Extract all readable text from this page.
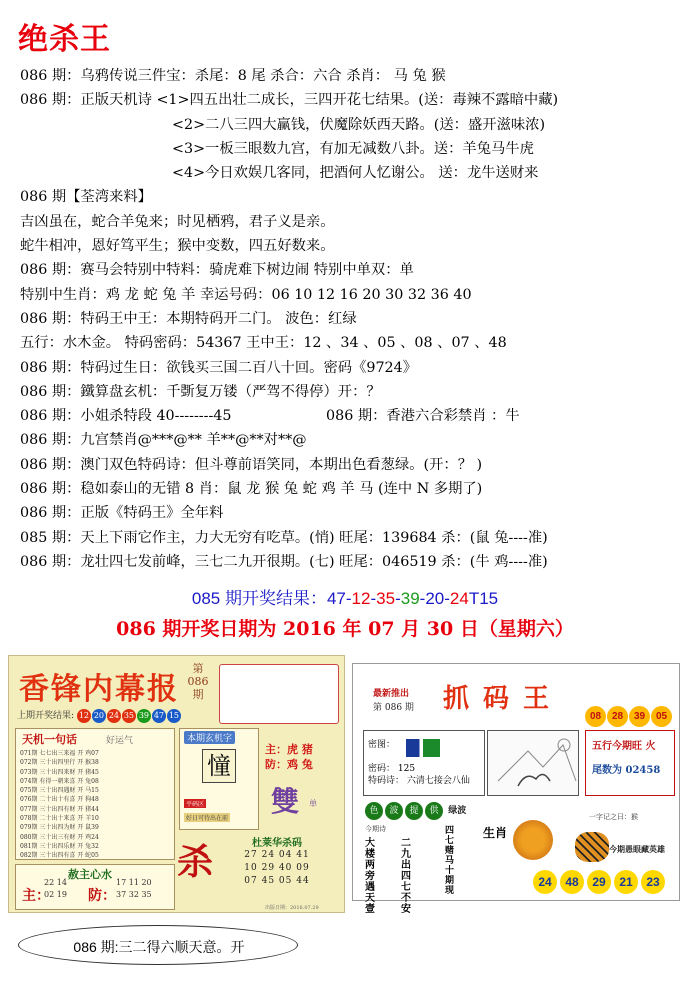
绝杀王
086 期：乌鸦传说三件宝：杀尾：8 尾 杀合：六合 杀肖： 马 兔 猴
086 期：正版天机诗 <1>四五出壮二成长，三四开花七结果。(送：毒辣不露暗中藏)
<2>二八三四大赢钱，伏魔除妖西天路。(送：盛开滋味浓)
<3>一板三眼数九宫，有加无减数八卦。送：羊兔马牛虎
<4>今日欢娱几客同，把酒何人忆谢公。 送：龙牛送财来
086 期【荃湾来料】
吉凶虽在，蛇合羊兔来；时见栖鸦，君子义是亲。
蛇牛相冲，恩好笃平生；猴中变数，四五好数来。
086 期：赛马会特别中特料：骑虎难下树边闹 特别中单双：单
特别中生肖：鸡 龙 蛇 兔 羊 幸运号码：06 10 12 16 20 30 32 36 40
086 期：特码王中王：本期特码开二门。 波色：红绿
五行：水木金。 特码密码：54367 王中王：12 、34 、05 、08 、07 、48
086 期：特码过生日：欲钱买三国二百八十回。密码《9724》
086 期：鐵算盘玄机：千斲复万镂（严驾不得停）开：？
086 期：小姐杀特段 40--------45	086 期：香港六合彩禁肖 ：牛
086 期：九宫禁肖@***@** 羊**@**对**@
086 期：澳门双色特码诗：但斗尊前语笑同，本期出色看葱绿。(开：？ )
086 期：稳如泰山的无错 8 肖：鼠 龙 猴 兔 蛇 鸡 羊 马 (连中 N 多期了)
086 期：正版《特码王》全年料
085 期：天上下雨它作主，力大无穷有吃草。(悄) 旺尾：139684 杀：(鼠 兔----准)
086 期：龙壮四七发前峰，三七二九开很期。(七) 旺尾：046519 杀：(牛 鸡----准)
085 期开奖结果：47-12-35-39-20-24T15
086 期开奖日期为 2016 年 07 月 30 日（星期六）
香锋内幕报
第086期
上期开奖结果: 12 20 24 35 39 47 15
天机一句话	好运气
071期 七七出三来福 开 鸡07
072期 三十出四里行 开 猴38
073期 三十出四来财 开 猪45
074期 有得一朝来喜 开 兔08
075期 三十出四遇财 开 马15
076期 二十出十有喜 开 狗48
077期 三十出四有财 开 猪44
078期 二十出十来喜 开 羊10
079期 三十出四为财 开 鼠39
080期 三十出三有财 开 鸡24
081期 三十出四乐财 开 兔32
082期 三十出四有喜 开 蛇05
赦主心水
主：
22 14
02 19	防：
17 11 20
37 32 35
本期玄机字
憧
平码区
好日可待出在前
主：虎 猪
防：鸡 兔
雙 单
杀	杜莱华杀码
27 24 04 41
10 29 40 09
07 45 05 44
出版日期：2016.07.29
最新推出
第 086 期 抓码王
密图：
密码： 125
特码诗： 六清七接会八仙
08 28 39 05
五行今期旺 火
尾数为 02458
色 波 提 供 绿波
今期诗
大楼两旁遇天壹
二九出四七不安
四七赌马十期现
生肖
一字记之曰：猴
今期愚眼藏英雄
24 48 29 21 23
086 期:三二得六顺天意。开
